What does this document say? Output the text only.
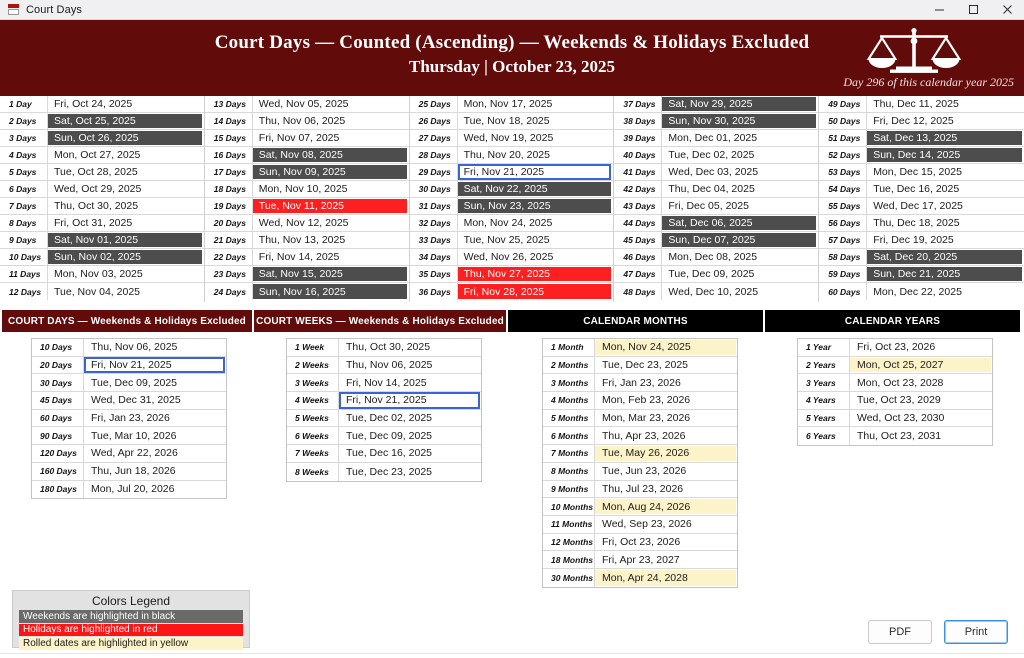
Court Days
Court Days — Counted (Ascending) — Weekends & Holidays Excluded
Thursday | October 23, 2025
Day 296 of this calendar year 2025
1 Day	Fri, Oct 24, 2025
2 Days	Sat, Oct 25, 2025
3 Days	Sun, Oct 26, 2025
4 Days	Mon, Oct 27, 2025
5 Days	Tue, Oct 28, 2025
6 Days	Wed, Oct 29, 2025
7 Days	Thu, Oct 30, 2025
8 Days	Fri, Oct 31, 2025
9 Days	Sat, Nov 01, 2025
10 Days	Sun, Nov 02, 2025
11 Days	Mon, Nov 03, 2025
12 Days	Tue, Nov 04, 2025
13 Days	Wed, Nov 05, 2025
14 Days	Thu, Nov 06, 2025
15 Days	Fri, Nov 07, 2025
16 Days	Sat, Nov 08, 2025
17 Days	Sun, Nov 09, 2025
18 Days	Mon, Nov 10, 2025
19 Days	Tue, Nov 11, 2025
20 Days	Wed, Nov 12, 2025
21 Days	Thu, Nov 13, 2025
22 Days	Fri, Nov 14, 2025
23 Days	Sat, Nov 15, 2025
24 Days	Sun, Nov 16, 2025
25 Days	Mon, Nov 17, 2025
26 Days	Tue, Nov 18, 2025
27 Days	Wed, Nov 19, 2025
28 Days	Thu, Nov 20, 2025
29 Days	Fri, Nov 21, 2025
30 Days	Sat, Nov 22, 2025
31 Days	Sun, Nov 23, 2025
32 Days	Mon, Nov 24, 2025
33 Days	Tue, Nov 25, 2025
34 Days	Wed, Nov 26, 2025
35 Days	Thu, Nov 27, 2025
36 Days	Fri, Nov 28, 2025
37 Days	Sat, Nov 29, 2025
38 Days	Sun, Nov 30, 2025
39 Days	Mon, Dec 01, 2025
40 Days	Tue, Dec 02, 2025
41 Days	Wed, Dec 03, 2025
42 Days	Thu, Dec 04, 2025
43 Days	Fri, Dec 05, 2025
44 Days	Sat, Dec 06, 2025
45 Days	Sun, Dec 07, 2025
46 Days	Mon, Dec 08, 2025
47 Days	Tue, Dec 09, 2025
48 Days	Wed, Dec 10, 2025
49 Days	Thu, Dec 11, 2025
50 Days	Fri, Dec 12, 2025
51 Days	Sat, Dec 13, 2025
52 Days	Sun, Dec 14, 2025
53 Days	Mon, Dec 15, 2025
54 Days	Tue, Dec 16, 2025
55 Days	Wed, Dec 17, 2025
56 Days	Thu, Dec 18, 2025
57 Days	Fri, Dec 19, 2025
58 Days	Sat, Dec 20, 2025
59 Days	Sun, Dec 21, 2025
60 Days	Mon, Dec 22, 2025
COURT DAYS — Weekends & Holidays Excluded	COURT WEEKS — Weekends & Holidays Excluded	CALENDAR MONTHS	CALENDAR YEARS
10 Days	Thu, Nov 06, 2025
20 Days	Fri, Nov 21, 2025
30 Days	Tue, Dec 09, 2025
45 Days	Wed, Dec 31, 2025
60 Days	Fri, Jan 23, 2026
90 Days	Tue, Mar 10, 2026
120 Days	Wed, Apr 22, 2026
160 Days	Thu, Jun 18, 2026
180 Days	Mon, Jul 20, 2026
1 Week	Thu, Oct 30, 2025
2 Weeks	Thu, Nov 06, 2025
3 Weeks	Fri, Nov 14, 2025
4 Weeks	Fri, Nov 21, 2025
5 Weeks	Tue, Dec 02, 2025
6 Weeks	Tue, Dec 09, 2025
7 Weeks	Tue, Dec 16, 2025
8 Weeks	Tue, Dec 23, 2025
1 Month	Mon, Nov 24, 2025
2 Months	Tue, Dec 23, 2025
3 Months	Fri, Jan 23, 2026
4 Months	Mon, Feb 23, 2026
5 Months	Mon, Mar 23, 2026
6 Months	Thu, Apr 23, 2026
7 Months	Tue, May 26, 2026
8 Months	Tue, Jun 23, 2026
9 Months	Thu, Jul 23, 2026
10 Months Mon, Aug 24, 2026
11 Months Wed, Sep 23, 2026
12 Months Fri, Oct 23, 2026
18 Months Fri, Apr 23, 2027
30 Months Mon, Apr 24, 2028
1 Year	Fri, Oct 23, 2026
2 Years	Mon, Oct 25, 2027
3 Years	Mon, Oct 23, 2028
4 Years	Tue, Oct 23, 2029
5 Years	Wed, Oct 23, 2030
6 Years	Thu, Oct 23, 2031
Colors Legend
Weekends are highlighted in black
Holidays are highlighted in red
Rolled dates are highlighted in yellow
PDF	Print
